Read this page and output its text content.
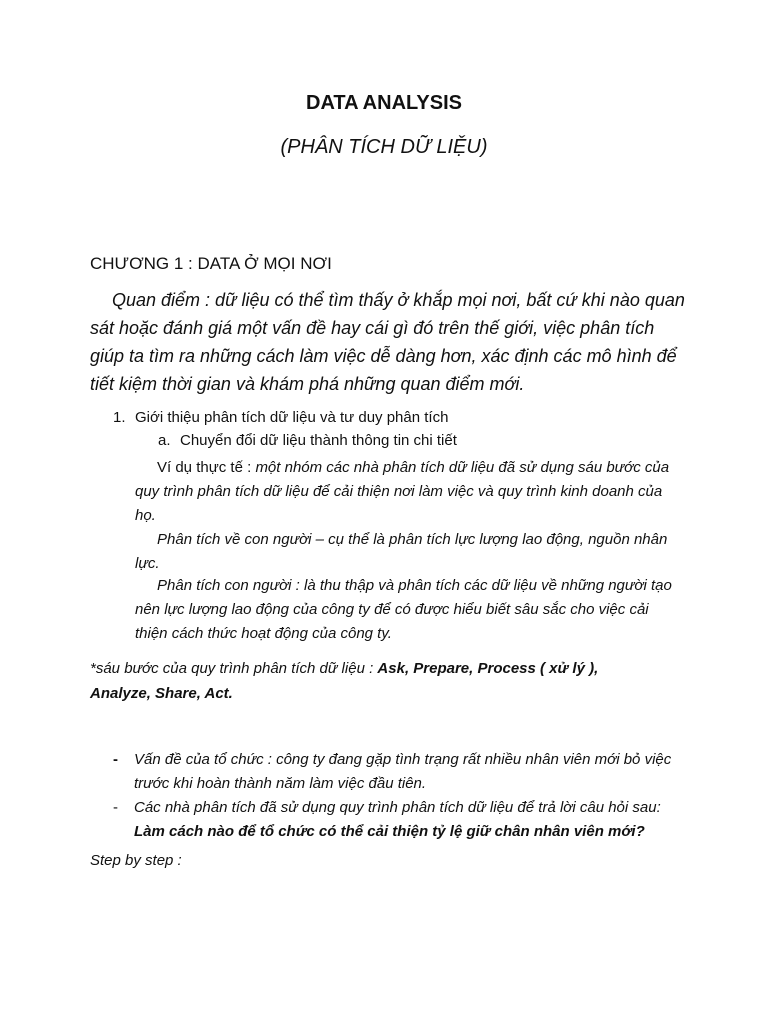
DATA ANALYSIS
(PHÂN TÍCH DỮ LIỆU)
CHƯƠNG 1 : DATA Ở MỌI NƠI
Quan điểm : dữ liệu có thể tìm thấy ở khắp mọi nơi, bất cứ khi nào quan sát hoặc đánh giá một vấn đề hay cái gì đó trên thế giới, việc phân tích giúp ta tìm ra những cách làm việc dễ dàng hơn, xác định các mô hình để tiết kiệm thời gian và khám phá những quan điểm mới.
1. Giới thiệu phân tích dữ liệu và tư duy phân tích
a. Chuyển đổi dữ liệu thành thông tin chi tiết
Ví dụ thực tế : một nhóm các nhà phân tích dữ liệu đã sử dụng sáu bước của quy trình phân tích dữ liệu để cải thiện nơi làm việc và quy trình kinh doanh của họ.
Phân tích về con người – cụ thể là phân tích lực lượng lao động, nguồn nhân lực.
Phân tích con người : là thu thập và phân tích các dữ liệu về những người tạo nên lực lượng lao động của công ty để có được hiểu biết sâu sắc cho việc cải thiện cách thức hoạt động của công ty.
*sáu bước của quy trình phân tích dữ liệu : Ask, Prepare, Process ( xử lý ), Analyze, Share, Act.
- Vấn đề của tổ chức : công ty đang gặp tình trạng rất nhiều nhân viên mới bỏ việc trước khi hoàn thành năm làm việc đầu tiên.
- Các nhà phân tích đã sử dụng quy trình phân tích dữ liệu để trả lời câu hỏi sau: Làm cách nào để tổ chức có thể cải thiện tỷ lệ giữ chân nhân viên mới?
Step by step :
